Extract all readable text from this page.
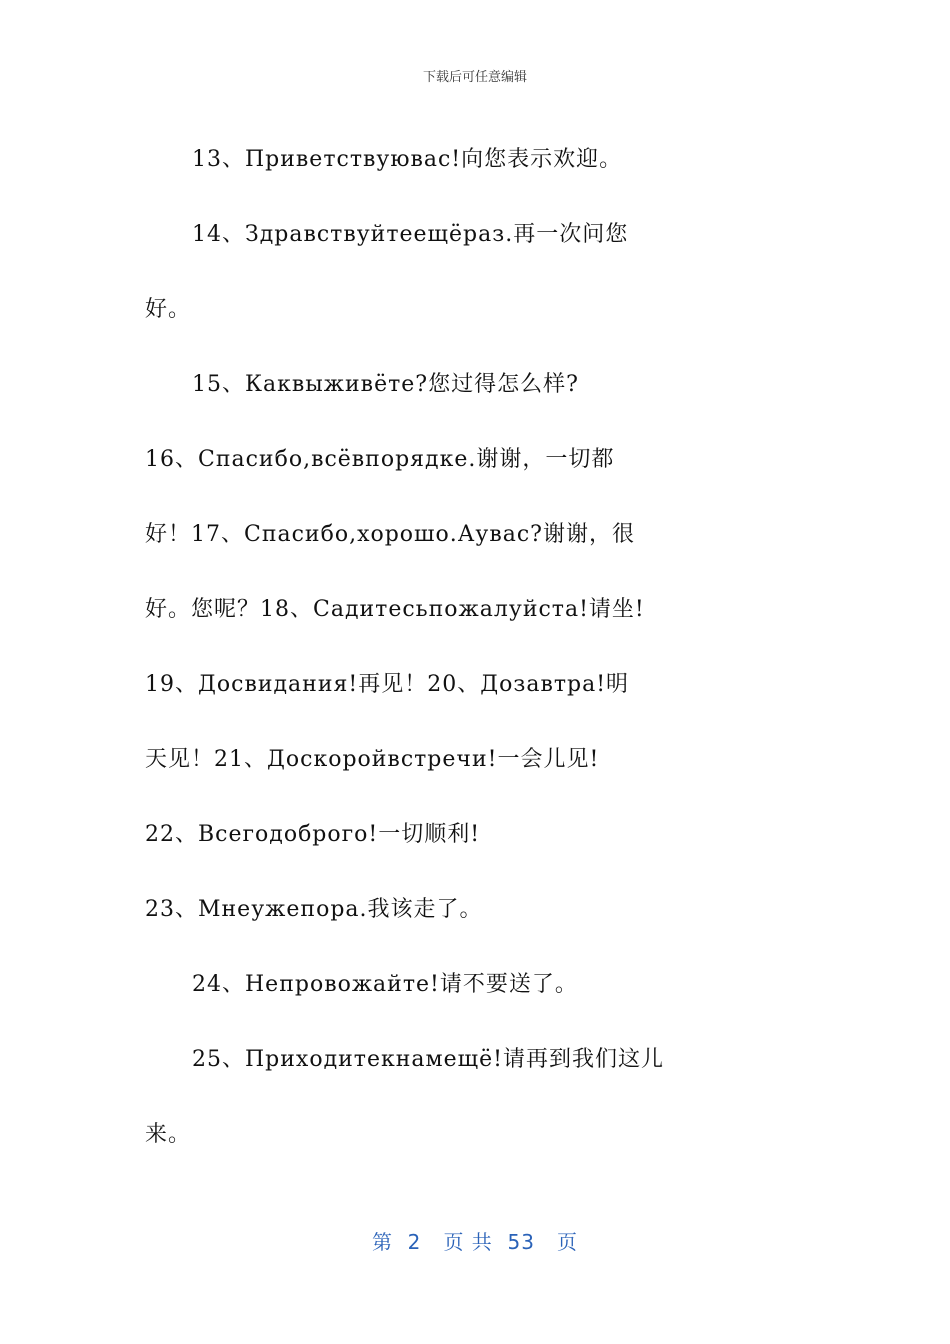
下载后可任意编辑
13、Приветствуювас!向您表示欢迎。
14、Здравствуйтеещёраз.再一次问您
好。
15、Каквыживёте?您过得怎么样?
16、Спасибо,всёвпорядке.谢谢，一切都
好！17、Спасибо,хорошо.Аувас?谢谢，很
好。您呢？18、Садитесьпожалуйста!请坐!
19、Досвидания!再见！20、Дозавтра!明
天见！21、Доскоройвстречи!一会儿见!
22、Всегодоброго!一切顺利!
23、Мнеужепора.我该走了。
24、Непровожайте!请不要送了。
25、Приходитекнамещё!请再到我们这儿
来。
第  2   页 共  53   页
